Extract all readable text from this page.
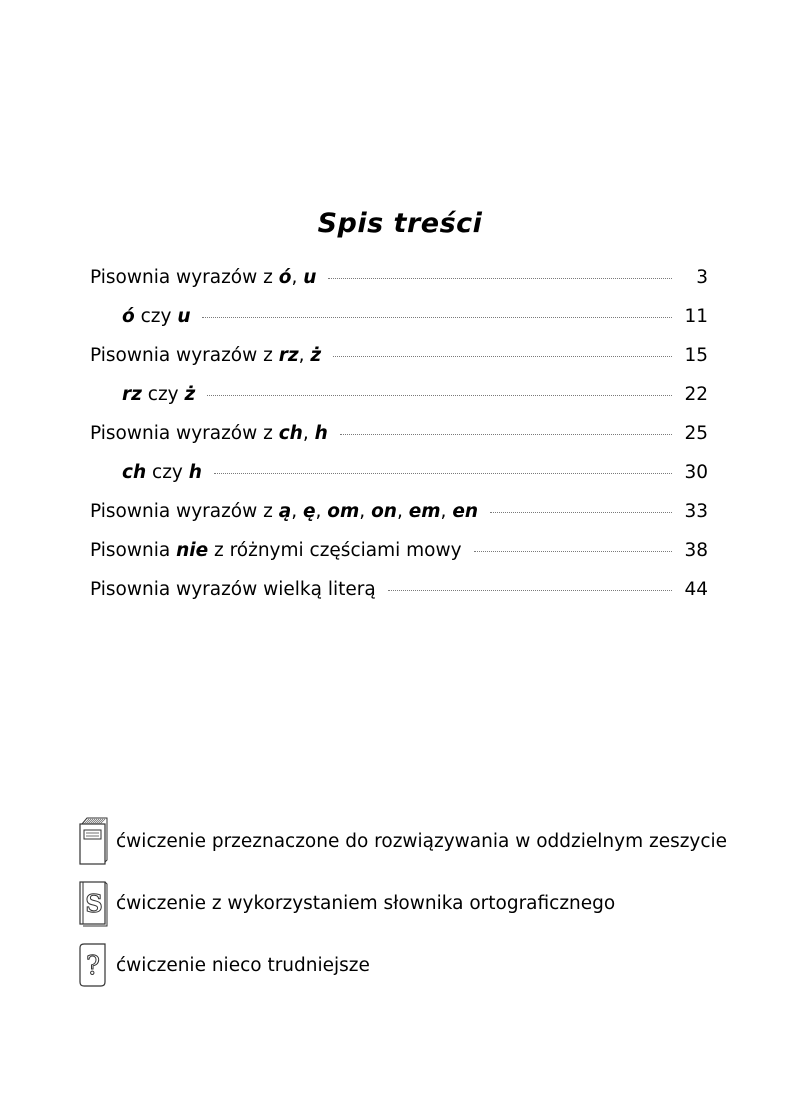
Spis treści
Pisownia wyrazów z ó, u	3
ó czy u	11
Pisownia wyrazów z rz, ż	15
rz czy ż	22
Pisownia wyrazów z ch, h	25
ch czy h	30
Pisownia wyrazów z ą, ę, om, on, em, en	33
Pisownia nie z różnymi częściami mowy	38
Pisownia wyrazów wielką literą	44
ćwiczenie przeznaczone do rozwiązywania w oddzielnym zeszycie
S ćwiczenie z wykorzystaniem słownika ortograficznego
? ćwiczenie nieco trudniejsze
